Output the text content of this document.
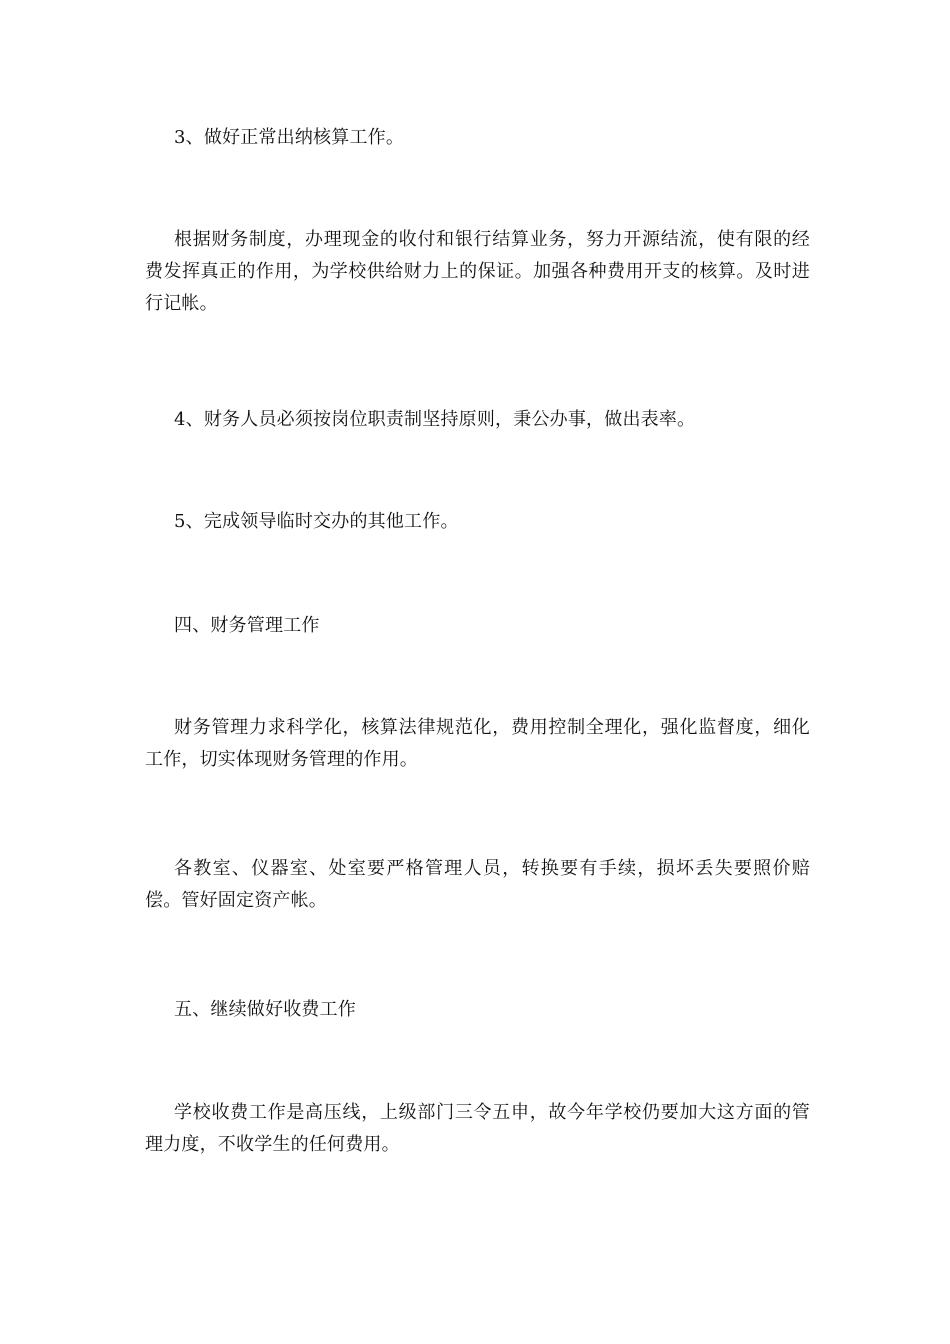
3、做好正常出纳核算工作。

根据财务制度，办理现金的收付和银行结算业务，努力开源结流，使有限的经费发挥真正的作用，为学校供给财力上的保证。加强各种费用开支的核算。及时进行记帐。

4、财务人员必须按岗位职责制坚持原则，秉公办事，做出表率。

5、完成领导临时交办的其他工作。

四、财务管理工作

财务管理力求科学化，核算法律规范化，费用控制全理化，强化监督度，细化工作，切实体现财务管理的作用。

各教室、仪器室、处室要严格管理人员，转换要有手续，损坏丢失要照价赔偿。管好固定资产帐。

五、继续做好收费工作

学校收费工作是高压线，上级部门三令五申，故今年学校仍要加大这方面的管理力度，不收学生的任何费用。
